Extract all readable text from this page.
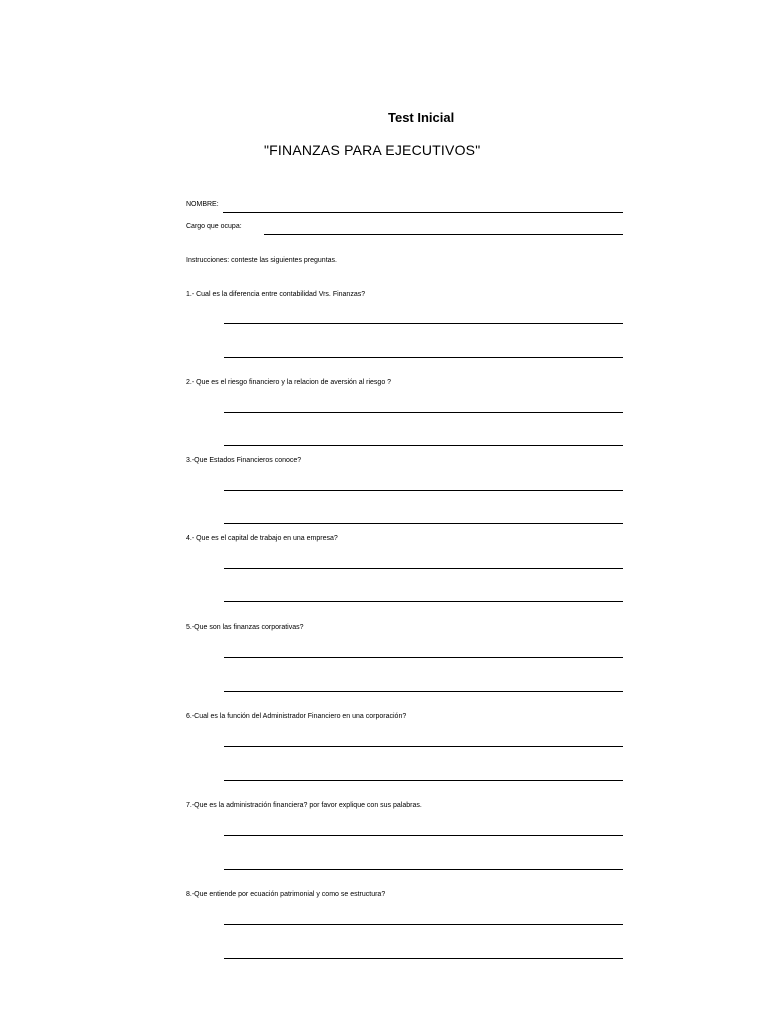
Test Inicial
"FINANZAS PARA EJECUTIVOS"
NOMBRE:
Cargo que ocupa:
Instrucciones: conteste las siguientes preguntas.
1.- Cual es la diferencia entre contabilidad Vrs. Finanzas?
2.- Que es el riesgo financiero y la relacion de aversión al riesgo ?
3.-Que Estados Financieros conoce?
4.- Que es el capital de trabajo en una empresa?
5.-Que son las finanzas corporativas?
6.-Cual es la función del Administrador Financiero en una corporación?
7.-Que es la administración financiera? por favor explique con sus palabras.
8.-Que entiende por ecuación patrimonial y como se estructura?
